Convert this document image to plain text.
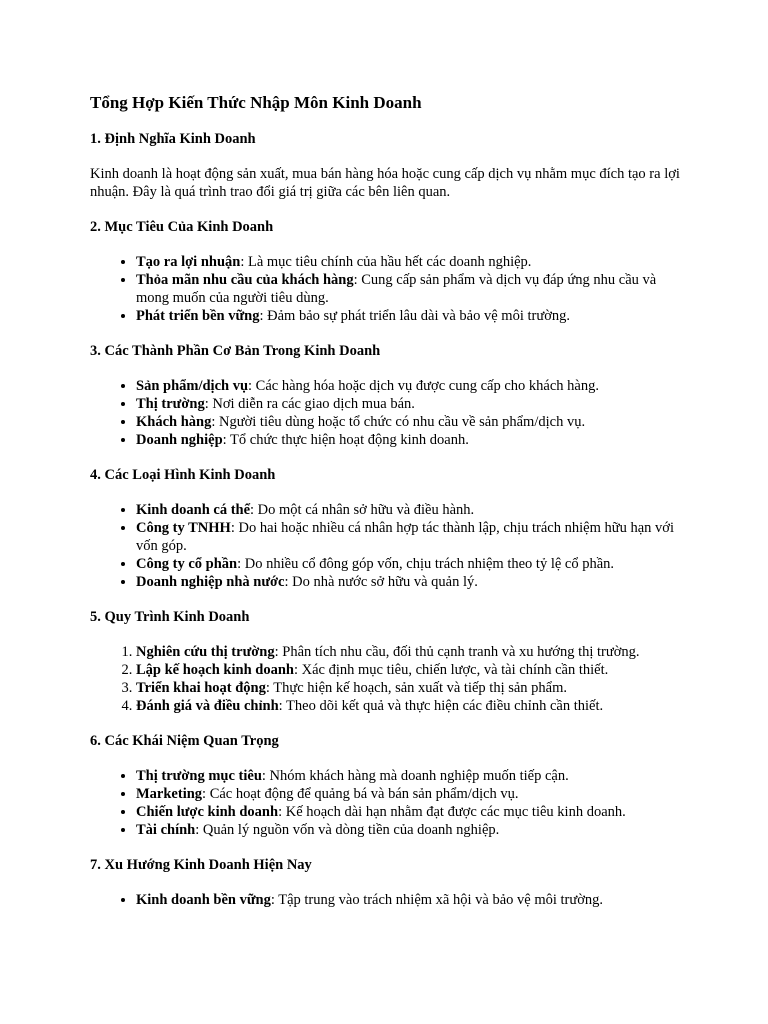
Tổng Hợp Kiến Thức Nhập Môn Kinh Doanh
1. Định Nghĩa Kinh Doanh

Kinh doanh là hoạt động sản xuất, mua bán hàng hóa hoặc cung cấp dịch vụ nhằm mục đích tạo ra lợi nhuận. Đây là quá trình trao đổi giá trị giữa các bên liên quan.

2. Mục Tiêu Của Kinh Doanh
• Tạo ra lợi nhuận: Là mục tiêu chính của hầu hết các doanh nghiệp.
• Thỏa mãn nhu cầu của khách hàng: Cung cấp sản phẩm và dịch vụ đáp ứng nhu cầu và mong muốn của người tiêu dùng.
• Phát triển bền vững: Đảm bảo sự phát triển lâu dài và bảo vệ môi trường.
3. Các Thành Phần Cơ Bản Trong Kinh Doanh
• Sản phẩm/dịch vụ: Các hàng hóa hoặc dịch vụ được cung cấp cho khách hàng.
• Thị trường: Nơi diễn ra các giao dịch mua bán.
• Khách hàng: Người tiêu dùng hoặc tổ chức có nhu cầu về sản phẩm/dịch vụ.
• Doanh nghiệp: Tổ chức thực hiện hoạt động kinh doanh.
4. Các Loại Hình Kinh Doanh
• Kinh doanh cá thể: Do một cá nhân sở hữu và điều hành.
• Công ty TNHH: Do hai hoặc nhiều cá nhân hợp tác thành lập, chịu trách nhiệm hữu hạn với vốn góp.
• Công ty cổ phần: Do nhiều cổ đông góp vốn, chịu trách nhiệm theo tỷ lệ cổ phần.
• Doanh nghiệp nhà nước: Do nhà nước sở hữu và quản lý.
5. Quy Trình Kinh Doanh
1. Nghiên cứu thị trường: Phân tích nhu cầu, đối thủ cạnh tranh và xu hướng thị trường.
2. Lập kế hoạch kinh doanh: Xác định mục tiêu, chiến lược, và tài chính cần thiết.
3. Triển khai hoạt động: Thực hiện kế hoạch, sản xuất và tiếp thị sản phẩm.
4. Đánh giá và điều chỉnh: Theo dõi kết quả và thực hiện các điều chỉnh cần thiết.
6. Các Khái Niệm Quan Trọng
• Thị trường mục tiêu: Nhóm khách hàng mà doanh nghiệp muốn tiếp cận.
• Marketing: Các hoạt động để quảng bá và bán sản phẩm/dịch vụ.
• Chiến lược kinh doanh: Kế hoạch dài hạn nhằm đạt được các mục tiêu kinh doanh.
• Tài chính: Quản lý nguồn vốn và dòng tiền của doanh nghiệp.
7. Xu Hướng Kinh Doanh Hiện Nay
• Kinh doanh bền vững: Tập trung vào trách nhiệm xã hội và bảo vệ môi trường.
